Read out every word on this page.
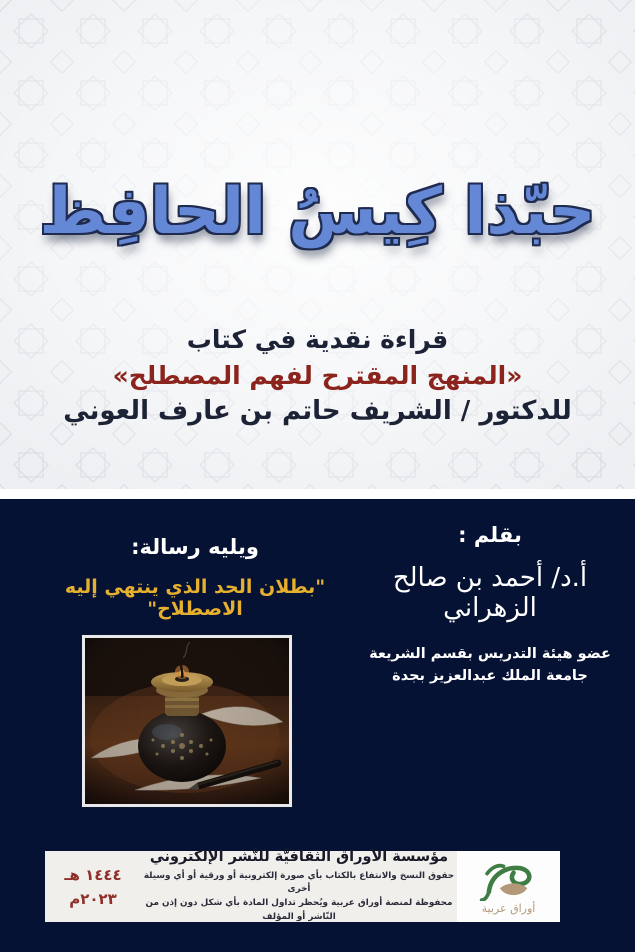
حبّذا كِيسُ الحافِظ
قراءة نقدية في كتاب
«المنهج المقترح لفهم المصطلح»
للدكتور / الشريف حاتم بن عارف العوني
بقلم :
أ.د/ أحمد بن صالح الزهراني
عضو هيئة التدريس بقسم الشريعة
جامعة الملك عبدالعزيز بجدة
ويليه رسالة:
"بطلان الحد الذي ينتهي إليه الاصطلاح"
١٤٤٤ هـ
٢٠٢٣م
مؤسسة الأوراق الثقافيَّة للنَّشر الإلكتروني
حقوق النسخ والانتفاع بالكتاب بأي صورة إلكترونية أو ورقية أو أي وسيلة أخرى
محفوظة لمنصة أوراق عربية ويُحظر تداول المادة بأي شكل دون إذن من النّاشر أو المؤلف
أوراق عربية
